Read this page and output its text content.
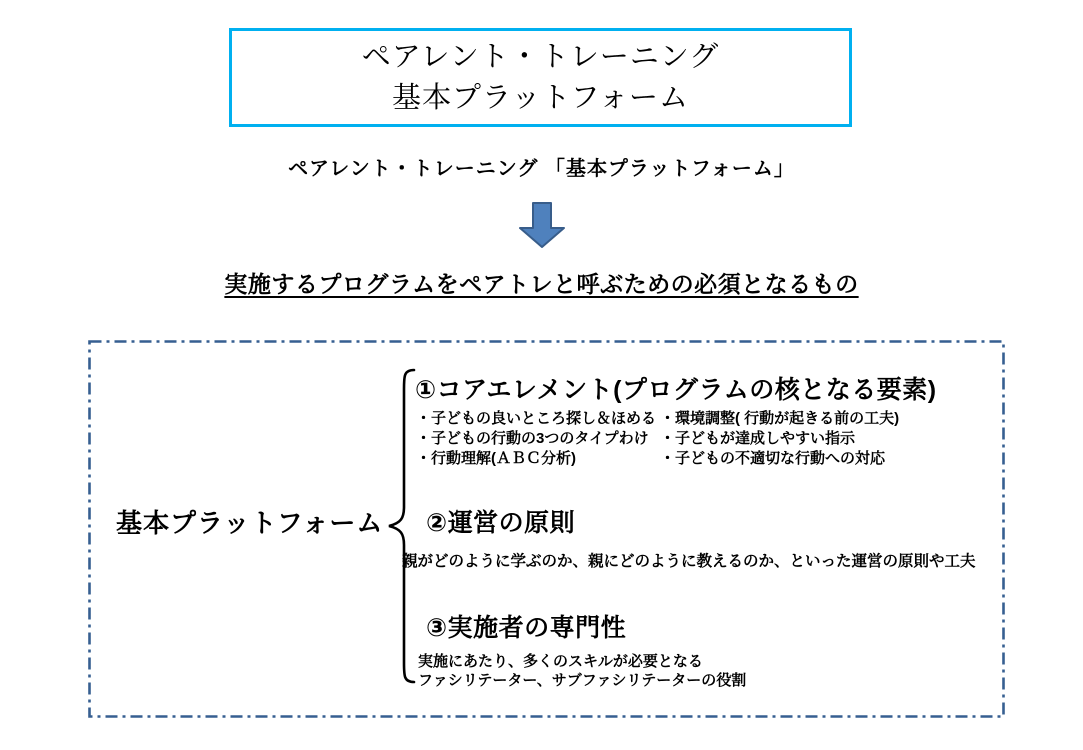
ペアレント・トレーニング
基本プラットフォーム
ペアレント・トレーニング 「基本プラットフォーム」
実施するプログラムをペアトレと呼ぶための必須となるもの
基本プラットフォーム
①コアエレメント(プログラムの核となる要素)
・子どもの良いところ探し＆ほめる
・子どもの行動の3つのタイプわけ
・行動理解(ＡＢＣ分析)
・環境調整( 行動が起きる前の工夫)
・子どもが達成しやすい指示
・子どもの不適切な行動への対応
②運営の原則
親がどのように学ぶのか、親にどのように教えるのか、といった運営の原則や工夫
③実施者の専門性
実施にあたり、多くのスキルが必要となる
ファシリテーター、サブファシリテーターの役割
